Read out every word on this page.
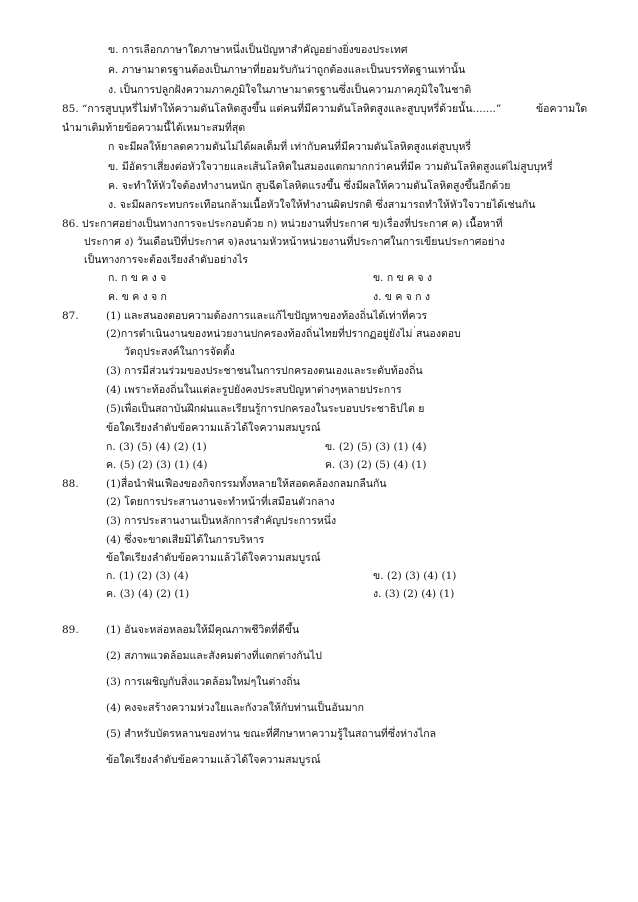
ข. การเลือกภาษาใดภาษาหนึ่งเป็นปัญหาสำคัญอย่างยิ่งของประเทศ
ค. ภาษามาตรฐานต้องเป็นภาษาที่ยอมรับกันว่าถูกต้องและเป็นบรรทัดฐานเท่านั้น
ง. เป็นการปลูกฝังความภาคภูมิใจในภาษามาตรฐานซึ่งเป็นความภาคภูมิใจในชาติ
85. “การสูบบุหรี่ไม่ทำให้ความดันโลหิตสูงขึ้น แต่คนที่มีความดันโลหิตสูงและสูบบุหรี่ด้วยนั้น.......”	ข้อความใด
นำมาเติมท้ายข้อความนี้ได้เหมาะสมที่สุด
ก จะมีผลให้ยาลดความดันไม่ได้ผลเต็มที่ เท่ากับคนที่มีความดันโลหิตสูงแต่สูบบุหรี่
ข. มีอัตราเสี่ยงต่อหัวใจวายและเส้นโลหิตในสมองแตกมากกว่าคนที่มีค วามดันโลหิตสูงแต่ไม่สูบบุหรี่
ค. จะทำให้หัวใจต้องทำงานหนัก สูบฉีดโลหิตแรงขึ้น ซึ่งมีผลให้ความดันโลหิตสูงขึ้นอีกด้วย
ง. จะมีผลกระทบกระเทือนกล้ามเนื้อหัวใจให้ทำงานผิดปรกติ ซึ่งสามารถทำให้หัวใจวายได้เช่นกัน
86. ประกาศอย่างเป็นทางการจะประกอบด้วย ก) หน่วยงานที่ประกาศ ข)เรื่องที่ประกาศ ค) เนื้อหาที่
ประกาศ ง) วันเดือนปีที่ประกาศ จ)ลงนามหัวหน้าหน่วยงานที่ประกาศในการเขียนประกาศอย่าง
เป็นทางการจะต้องเรียงลำดับอย่างไร
ก. ก ข ค ง จ	ข. ก ข ค จ ง
ค. ข ค ง จ ก	ง. ข ค จ ก ง
87.	(1) และสนองตอบความต้องการและแก้ไขปัญหาของท้องถิ่นได้เท่าที่ควร
(2)การดำเนินงานของหน่วยงานปกครองท้องถิ่นไทยที่ปรากฏอยู่ยังไม่ ่สนองตอบ
วัตถุประสงค์ในการจัดตั้ง
(3) การมีส่วนร่วมของประชาชนในการปกครองตนเองและระดับท้องถิ่น
(4) เพราะท้องถิ่นในแต่ละรูปยังคงประสบปัญหาต่างๆหลายประการ
(5)เพื่อเป็นสถาบันฝึกฝนและเรียนรู้การปกครองในระบอบประชาธิปไต ย
ข้อใดเรียงลำดับข้อความแล้วได้ใจความสมบูรณ์
ก. (3) (5) (4) (2) (1)	ข. (2) (5) (3) (1) (4)
ค. (5) (2) (3) (1) (4)	ค. (3) (2) (5) (4) (1)
88.	(1)สื่อนำฟันเฟืองของกิจกรรมทั้งหลายให้สอดคล้องกลมกลืนกัน
(2) โดยการประสานงานจะทำหน้าที่เสมือนตัวกลาง
(3) การประสานงานเป็นหลักการสำคัญประการหนึ่ง
(4) ซึ่งจะขาดเสียมิได้ในการบริหาร
ข้อใดเรียงลำดับข้อความแล้วได้ใจความสมบูรณ์
ก. (1) (2) (3) (4)	ข. (2) (3) (4) (1)
ค. (3) (4) (2) (1)	ง. (3) (2) (4) (1)
89.	(1) อันจะหล่อหลอมให้มีคุณภาพชีวิตที่ดีขึ้น
(2) สภาพแวดล้อมและสังคมต่างที่แตกต่างกันไป
(3) การเผชิญกับสิ่งแวดล้อมใหม่ๆในต่างถิ่น
(4) คงจะสร้างความห่วงใยและกังวลให้กับท่านเป็นอันมาก
(5) สำหรับบัตรหลานของท่าน ขณะที่ศึกษาหาความรู้ในสถานที่ซึ่งห่างไกล
ข้อใดเรียงลำดับข้อความแล้วได้ใจความสมบูรณ์
